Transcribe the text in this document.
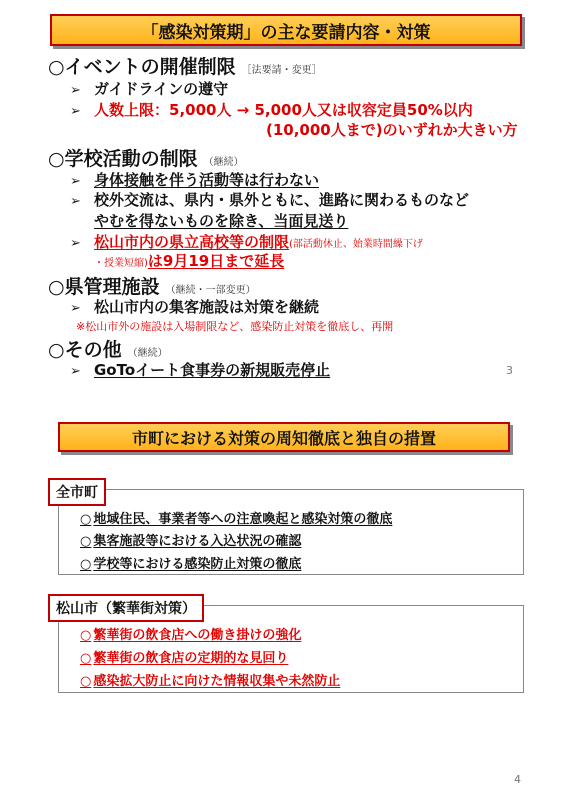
「感染対策期」の主な要請内容・対策
○イベントの開催制限 ［法要請・変更］
➢ ガイドラインの遵守
➢ 人数上限：5,000人 → 5,000人又は収容定員50%以内
(10,000人まで)のいずれか大きい方
○学校活動の制限 （継続）
➢ 身体接触を伴う活動等は行わない
➢ 校外交流は、県内・県外ともに、進路に関わるものなど
やむを得ないものを除き、当面見送り
➢ 松山市内の県立高校等の制限(部活動休止、始業時間繰下げ
・授業短縮)は9月19日まで延長
○県管理施設 （継続・一部変更）
➢ 松山市内の集客施設は対策を継続
※松山市外の施設は入場制限など、感染防止対策を徹底し、再開
○その他 （継続）
➢ GoToイート食事券の新規販売停止	3
市町における対策の周知徹底と独自の措置
全市町
○ 地域住民、事業者等への注意喚起と感染対策の徹底
○ 集客施設等における入込状況の確認
○ 学校等における感染防止対策の徹底
松山市（繁華街対策）
○ 繁華街の飲食店への働き掛けの強化
○ 繁華街の飲食店の定期的な見回り
○ 感染拡大防止に向けた情報収集や未然防止
4
